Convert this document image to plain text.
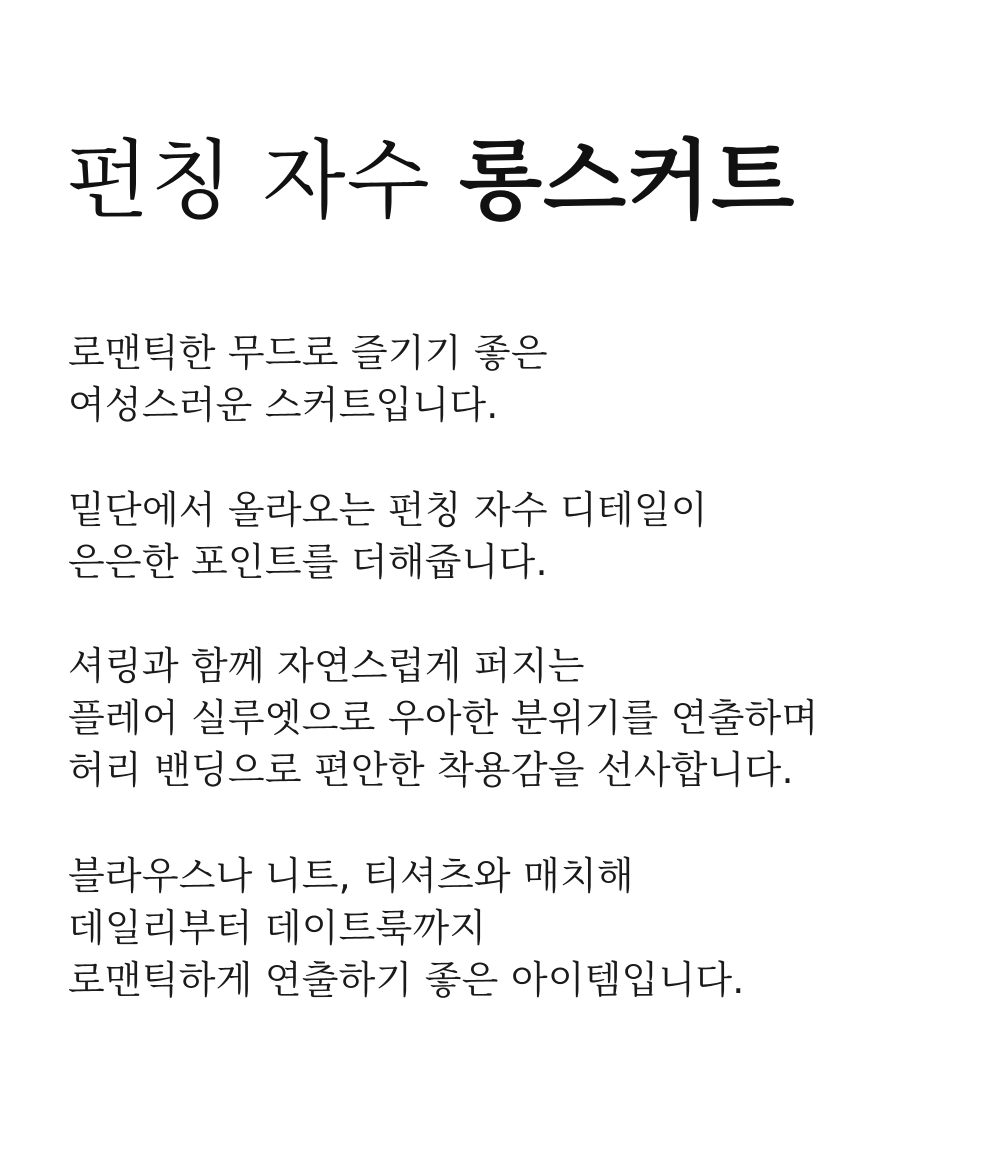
펀칭 자수 롱스커트

로맨틱한 무드로 즐기기 좋은
여성스러운 스커트입니다.

밑단에서 올라오는 펀칭 자수 디테일이
은은한 포인트를 더해줍니다.

셔링과 함께 자연스럽게 퍼지는
플레어 실루엣으로 우아한 분위기를 연출하며
허리 밴딩으로 편안한 착용감을 선사합니다.

블라우스나 니트, 티셔츠와 매치해
데일리부터 데이트룩까지
로맨틱하게 연출하기 좋은 아이템입니다.
